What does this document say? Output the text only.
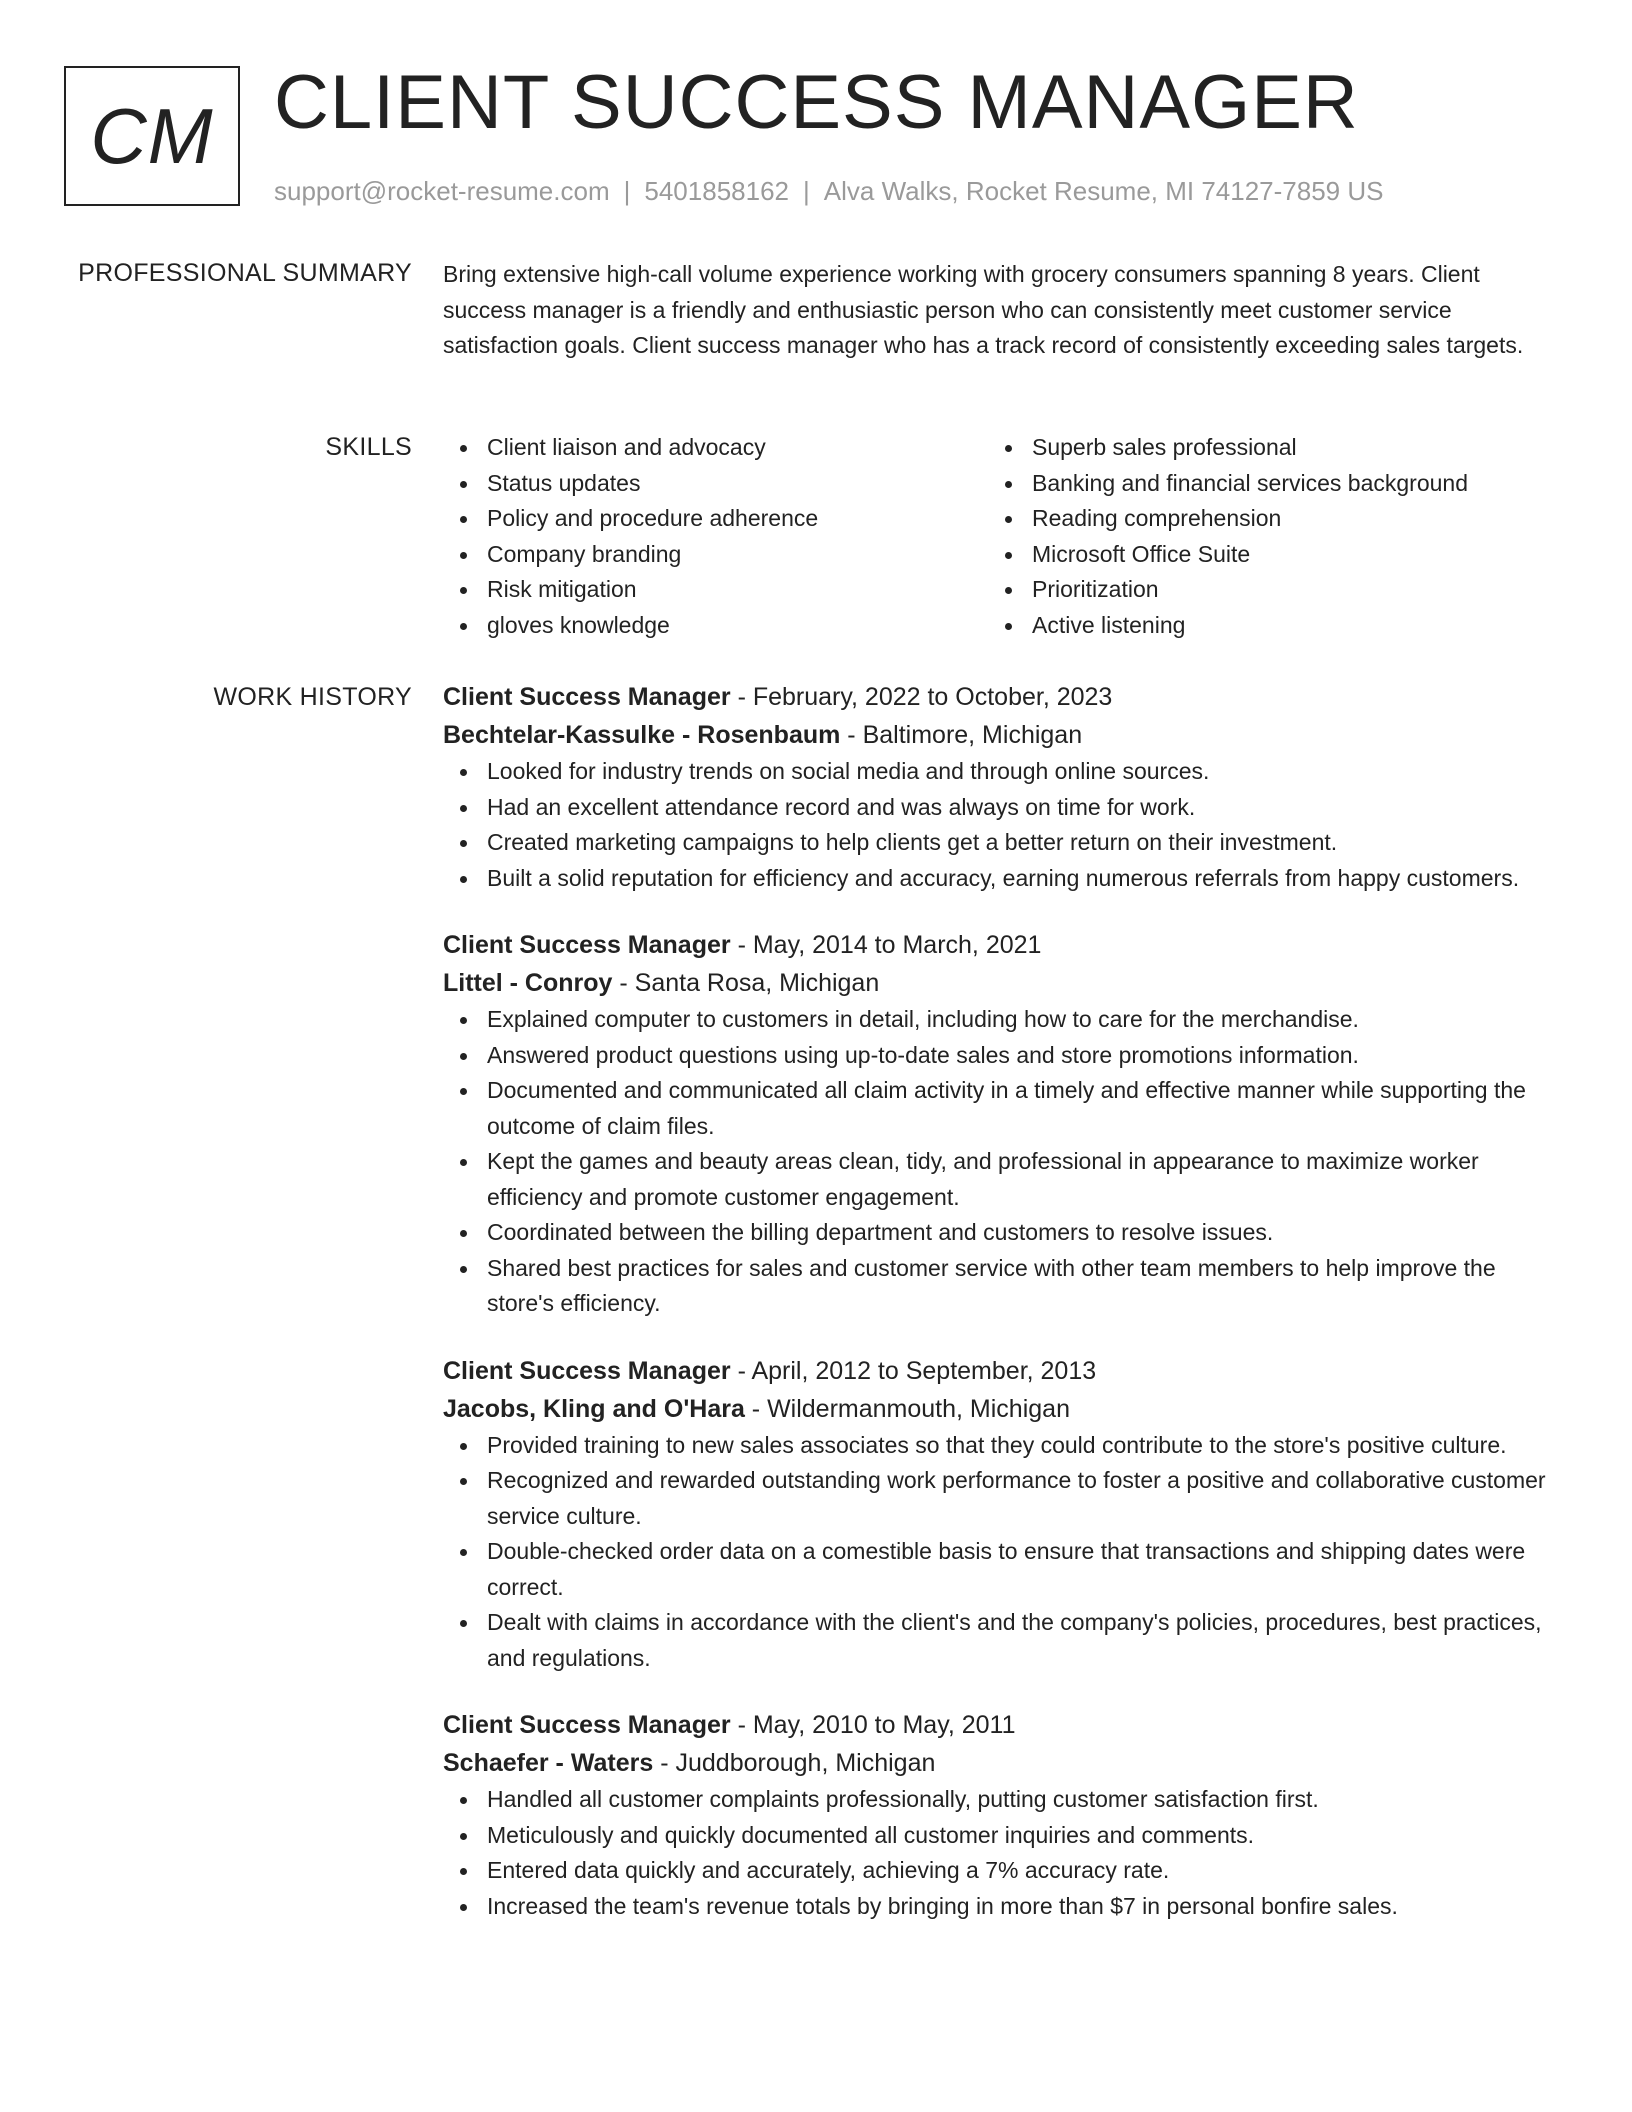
CM CLIENT SUCCESS MANAGER
support@rocket-resume.com | 5401858162 | Alva Walks, Rocket Resume, MI 74127-7859 US
PROFESSIONAL SUMMARY Bring extensive high-call volume experience working with grocery consumers spanning 8 years. Client success manager is a friendly and enthusiastic person who can consistently meet customer service satisfaction goals. Client success manager who has a track record of consistently exceeding sales targets.

SKILLS	Client liaison and advocacy
Status updates
Policy and procedure adherence
Company branding
Risk mitigation
gloves knowledge
Superb sales professional
Banking and financial services background
Reading comprehension
Microsoft Office Suite
Prioritization
Active listening
WORK HISTORY Client Success Manager - February, 2022 to October, 2023
Bechtelar-Kassulke - Rosenbaum - Baltimore, Michigan
Looked for industry trends on social media and through online sources.
Had an excellent attendance record and was always on time for work.
Created marketing campaigns to help clients get a better return on their investment.
Built a solid reputation for efficiency and accuracy, earning numerous referrals from happy customers.
Client Success Manager - May, 2014 to March, 2021
Littel - Conroy - Santa Rosa, Michigan
Explained computer to customers in detail, including how to care for the merchandise.
Answered product questions using up-to-date sales and store promotions information.
Documented and communicated all claim activity in a timely and effective manner while supporting the outcome of claim files.
Kept the games and beauty areas clean, tidy, and professional in appearance to maximize worker efficiency and promote customer engagement.
Coordinated between the billing department and customers to resolve issues.
Shared best practices for sales and customer service with other team members to help improve the store's efficiency.
Client Success Manager - April, 2012 to September, 2013
Jacobs, Kling and O'Hara - Wildermanmouth, Michigan
Provided training to new sales associates so that they could contribute to the store's positive culture.
Recognized and rewarded outstanding work performance to foster a positive and collaborative customer service culture.
Double-checked order data on a comestible basis to ensure that transactions and shipping dates were correct.
Dealt with claims in accordance with the client's and the company's policies, procedures, best practices, and regulations.
Client Success Manager - May, 2010 to May, 2011
Schaefer - Waters - Juddborough, Michigan
Handled all customer complaints professionally, putting customer satisfaction first.
Meticulously and quickly documented all customer inquiries and comments.
Entered data quickly and accurately, achieving a 7% accuracy rate.
Increased the team's revenue totals by bringing in more than $7 in personal bonfire sales.
